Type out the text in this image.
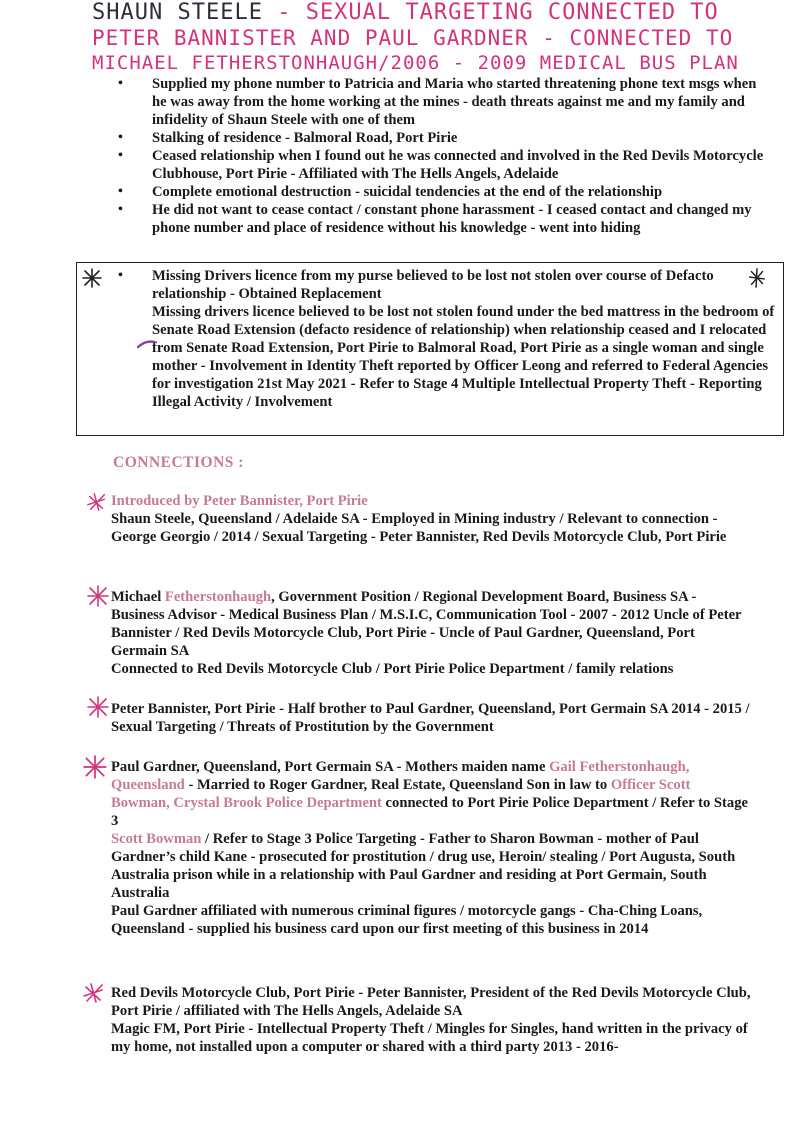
SHAUN STEELE - SEXUAL TARGETING CONNECTED TO
PETER BANNISTER AND PAUL GARDNER - CONNECTED TO
MICHAEL FETHERSTONHAUGH/2006 - 2009 MEDICAL BUS PLAN
• Supplied my phone number to Patricia and Maria who started threatening phone text msgs when he was away from the home working at the mines - death threats against me and my family and infidelity of Shaun Steele with one of them
• Stalking of residence - Balmoral Road, Port Pirie
• Ceased relationship when I found out he was connected and involved in the Red Devils Motorcycle Clubhouse, Port Pirie - Affiliated with The Hells Angels, Adelaide
• Complete emotional destruction - suicidal tendencies at the end of the relationship
• He did not want to cease contact / constant phone harassment - I ceased contact and changed my phone number and place of residence without his knowledge - went into hiding
• Missing Drivers licence from my purse believed to be lost not stolen over course of Defacto relationship - Obtained Replacement
Missing drivers licence believed to be lost not stolen found under the bed mattress in the bedroom of Senate Road Extension (defacto residence of relationship) when relationship ceased and I relocated from Senate Road Extension, Port Pirie to Balmoral Road, Port Pirie as a single woman and single mother - Involvement in Identity Theft reported by Officer Leong and referred to Federal Agencies for investigation 21st May 2021 - Refer to Stage 4 Multiple Intellectual Property Theft - Reporting Illegal Activity / Involvement
CONNECTIONS :
Introduced by Peter Bannister, Port Pirie
Shaun Steele, Queensland / Adelaide SA - Employed in Mining industry / Relevant to connection - George Georgio / 2014 / Sexual Targeting - Peter Bannister, Red Devils Motorcycle Club, Port Pirie
Michael Fetherstonhaugh, Government Position / Regional Development Board, Business SA - Business Advisor - Medical Business Plan / M.S.I.C, Communication Tool - 2007 - 2012 Uncle of Peter Bannister / Red Devils Motorcycle Club, Port Pirie - Uncle of Paul Gardner, Queensland, Port Germain SA
Connected to Red Devils Motorcycle Club / Port Pirie Police Department / family relations
Peter Bannister, Port Pirie - Half brother to Paul Gardner, Queensland, Port Germain SA 2014 - 2015 / Sexual Targeting / Threats of Prostitution by the Government
Paul Gardner, Queensland, Port Germain SA - Mothers maiden name Gail Fetherstonhaugh, Queensland - Married to Roger Gardner, Real Estate, Queensland Son in law to Officer Scott Bowman, Crystal Brook Police Department connected to Port Pirie Police Department / Refer to Stage 3
Scott Bowman / Refer to Stage 3 Police Targeting - Father to Sharon Bowman - mother of Paul Gardner’s child Kane - prosecuted for prostitution / drug use, Heroin/ stealing / Port Augusta, South Australia prison while in a relationship with Paul Gardner and residing at Port Germain, South Australia
Paul Gardner affiliated with numerous criminal figures / motorcycle gangs - Cha-Ching Loans, Queensland - supplied his business card upon our first meeting of this business in 2014
Red Devils Motorcycle Club, Port Pirie - Peter Bannister, President of the Red Devils Motorcycle Club, Port Pirie / affiliated with The Hells Angels, Adelaide SA
Magic FM, Port Pirie - Intellectual Property Theft / Mingles for Singles, hand written in the privacy of my home, not installed upon a computer or shared with a third party 2013 - 2016-
